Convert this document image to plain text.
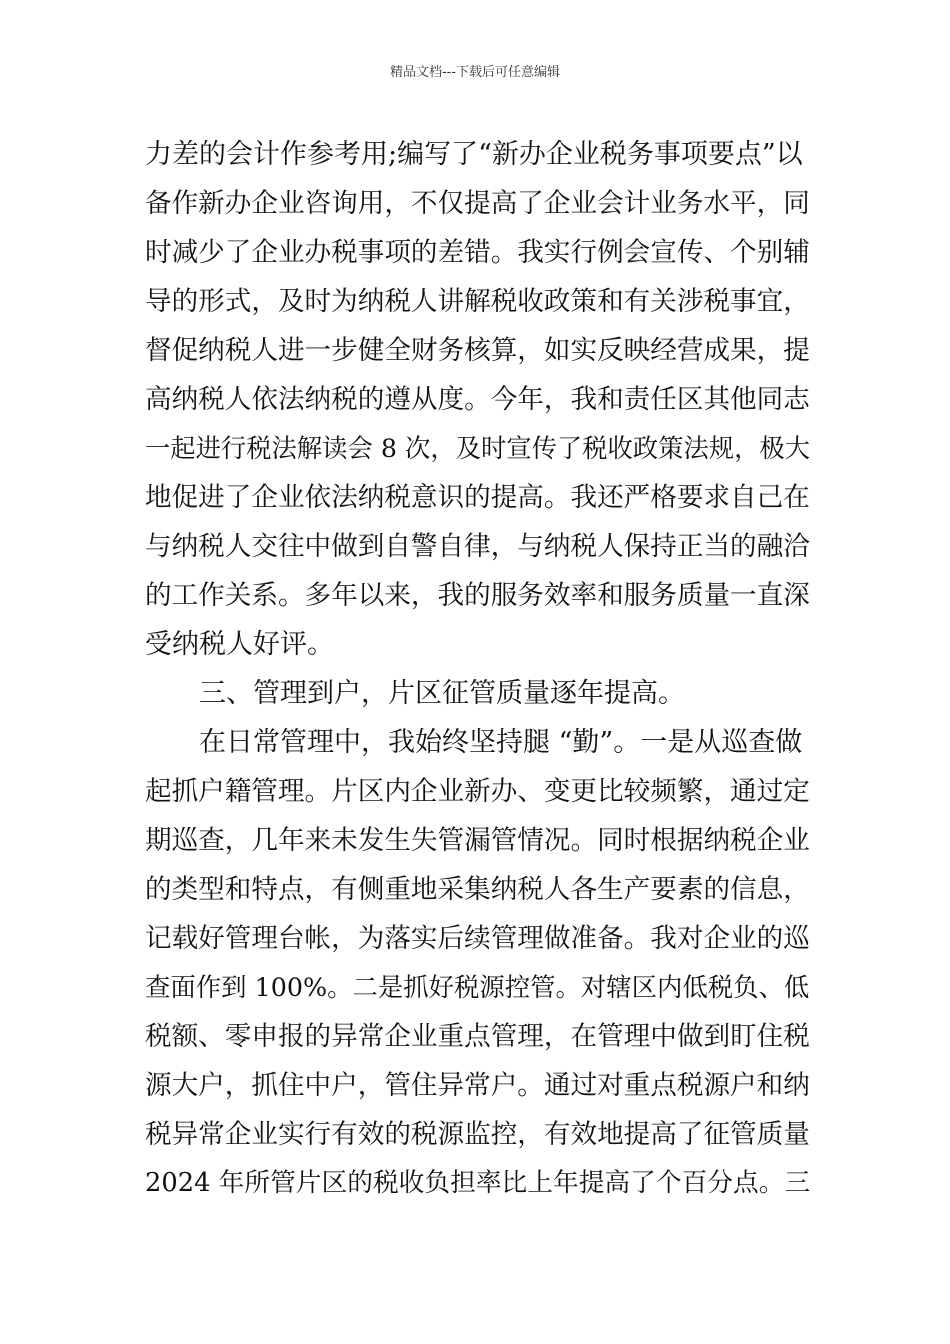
精品文档---下载后可任意编辑
力差的会计作参考用;编写了“新办企业税务事项要点”以
备作新办企业咨询用，不仅提高了企业会计业务水平，同
时减少了企业办税事项的差错。我实行例会宣传、个别辅
导的形式，及时为纳税人讲解税收政策和有关涉税事宜，
督促纳税人进一步健全财务核算，如实反映经营成果，提
高纳税人依法纳税的遵从度。今年，我和责任区其他同志
一起进行税法解读会 8 次，及时宣传了税收政策法规，极大
地促进了企业依法纳税意识的提高。我还严格要求自己在
与纳税人交往中做到自警自律，与纳税人保持正当的融洽
的工作关系。多年以来，我的服务效率和服务质量一直深
受纳税人好评。
三、管理到户，片区征管质量逐年提高。
在日常管理中，我始终坚持腿 “勤”。一是从巡查做
起抓户籍管理。片区内企业新办、变更比较频繁，通过定
期巡查，几年来未发生失管漏管情况。同时根据纳税企业
的类型和特点，有侧重地采集纳税人各生产要素的信息，
记载好管理台帐，为落实后续管理做准备。我对企业的巡
查面作到 100%。二是抓好税源控管。对辖区内低税负、低
税额、零申报的异常企业重点管理，在管理中做到盯住税
源大户，抓住中户，管住异常户。通过对重点税源户和纳
税异常企业实行有效的税源监控，有效地提高了征管质量
2024 年所管片区的税收负担率比上年提高了个百分点。三
